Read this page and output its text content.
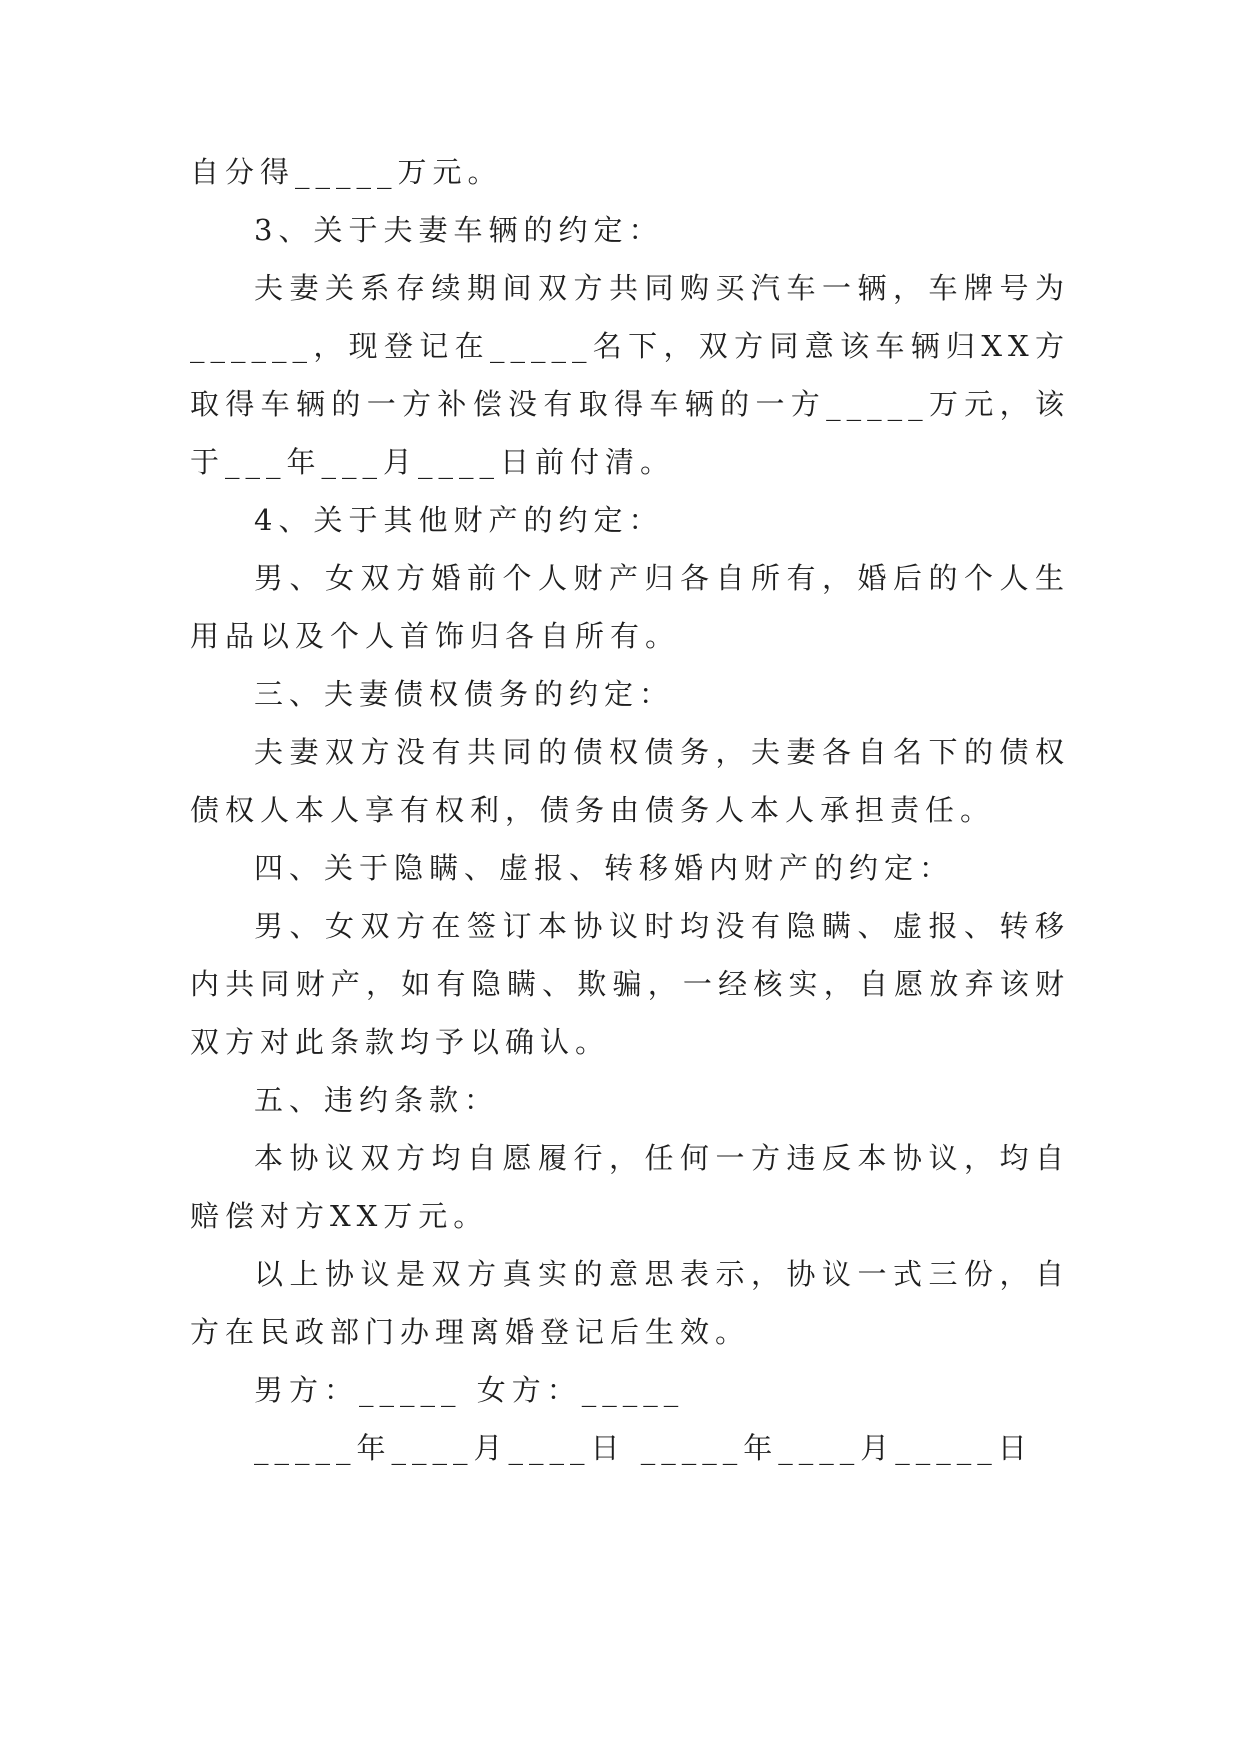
自分得_____万元。
3、关于夫妻车辆的约定：
夫妻关系存续期间双方共同购买汽车一辆，车牌号为
______，现登记在_____名下，双方同意该车辆归XX方
取得车辆的一方补偿没有取得车辆的一方_____万元，该
于___年___月____日前付清。
4、关于其他财产的约定：
男、女双方婚前个人财产归各自所有，婚后的个人生
用品以及个人首饰归各自所有。
三、夫妻债权债务的约定：
夫妻双方没有共同的债权债务，夫妻各自名下的债权
债权人本人享有权利，债务由债务人本人承担责任。
四、关于隐瞒、虚报、转移婚内财产的约定：
男、女双方在签订本协议时均没有隐瞒、虚报、转移
内共同财产，如有隐瞒、欺骗，一经核实，自愿放弃该财
双方对此条款均予以确认。
五、违约条款：
本协议双方均自愿履行，任何一方违反本协议，均自
赔偿对方XX万元。
以上协议是双方真实的意思表示，协议一式三份，自
方在民政部门办理离婚登记后生效。
男方：_____ 女方：_____
_____年____月____日 _____年____月_____日
